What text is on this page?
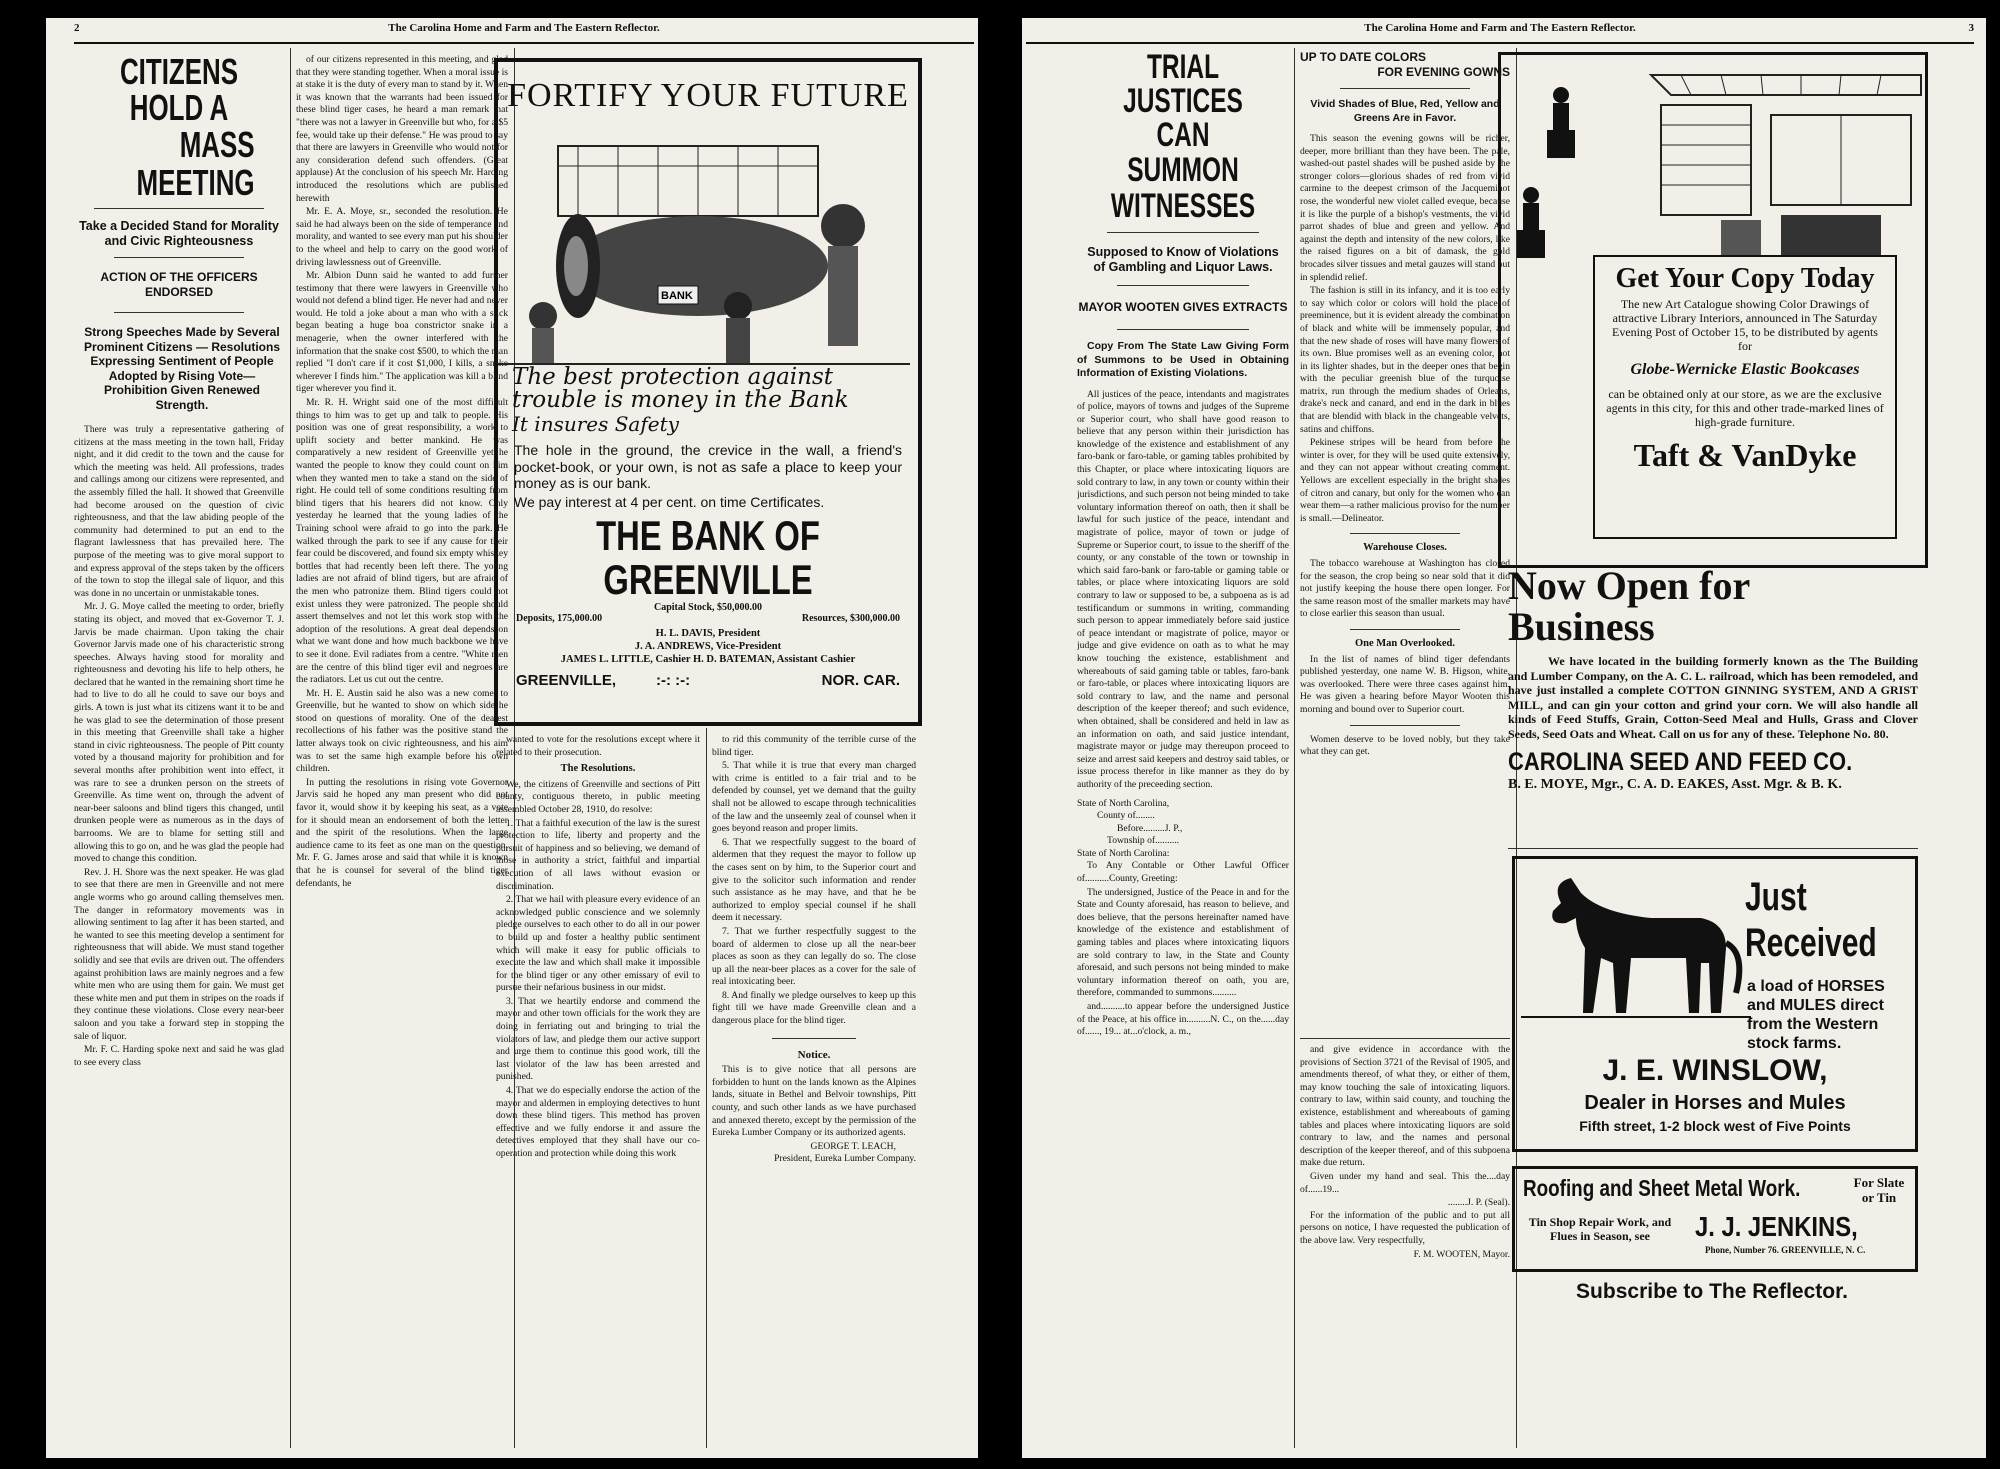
2	The Carolina Home and Farm and The Eastern Reflector.
CITIZENS HOLD A
MASS MEETING
Take a Decided Stand for Morality and Civic Righteousness
ACTION OF THE OFFICERS ENDORSED
Strong Speeches Made by Several Prominent Citizens — Resolutions Expressing Sentiment of People Adopted by Rising Vote—Prohibition Given Renewed Strength.

There was truly a representative gathering of citizens at the mass meeting in the town hall, Friday night, and it did credit to the town and the cause for which the meeting was held. All professions, trades and callings among our citizens were represented, and the assembly filled the hall. It showed that Greenville had become aroused on the question of civic righteousness, and that the law abiding people of the community had determined to put an end to the flagrant lawlessness that has prevailed here. The purpose of the meeting was to give moral support to and express approval of the steps taken by the officers of the town to stop the illegal sale of liquor, and this was done in no uncertain or unmistakable tones.

Mr. J. G. Moye called the meeting to order, briefly stating its object, and moved that ex-Governor T. J. Jarvis be made chairman. Upon taking the chair Governor Jarvis made one of his characteristic strong speeches. Always having stood for morality and righteousness and devoting his life to help others, he declared that he wanted in the remaining short time he had to live to do all he could to save our boys and girls. A town is just what its citizens want it to be and he was glad to see the determination of those present in this meeting that Greenville shall take a higher stand in civic righteousness. The people of Pitt county voted by a thousand majority for prohibition and for several months after prohibition went into effect, it was rare to see a drunken person on the streets of Greenville. As time went on, through the advent of near-beer saloons and blind tigers this changed, until drunken people were as numerous as in the days of barrooms. We are to blame for setting still and allowing this to go on, and he was glad the people had moved to change this condition.

Rev. J. H. Shore was the next speaker. He was glad to see that there are men in Greenville and not mere angle worms who go around calling themselves men. The danger in reformatory movements was in allowing sentiment to lag after it has been started, and he wanted to see this meeting develop a sentiment for righteousness that will abide. We must stand together solidly and see that evils are driven out. The offenders against prohibition laws are mainly negroes and a few white men who are using them for gain. We must get these white men and put them in stripes on the roads if they continue these violations. Close every near-beer saloon and you take a forward step in stopping the sale of liquor.

Mr. F. C. Harding spoke next and said he was glad to see every class

of our citizens represented in this meeting, and glad that they were standing together. When a moral issue is at stake it is the duty of every man to stand by it. When it was known that the warrants had been issued for these blind tiger cases, he heard a man remark that "there was not a lawyer in Greenville but who, for a $5 fee, would take up their defense." He was proud to say that there are lawyers in Greenville who would not for any consideration defend such offenders. (Great applause) At the conclusion of his speech Mr. Harding introduced the resolutions which are published herewith

Mr. E. A. Moye, sr., seconded the resolution. He said he had always been on the side of temperance and morality, and wanted to see every man put his shoulder to the wheel and help to carry on the good work of driving lawlessness out of Greenville.

Mr. Albion Dunn said he wanted to add further testimony that there were lawyers in Greenville who would not defend a blind tiger. He never had and never would. He told a joke about a man who with a stick began beating a huge boa constrictor snake in a menagerie, when the owner interfered with the information that the snake cost $500, to which the man replied "I don't care if it cost $1,000, I kills, a snake wherever I finds him." The application was kill a blind tiger wherever you find it.

Mr. R. H. Wright said one of the most difficult things to him was to get up and talk to people. His position was one of great responsibility, a work to uplift society and better mankind. He was comparatively a new resident of Greenville yet he wanted the people to know they could count on him when they wanted men to take a stand on the side of right. He could tell of some conditions resulting from blind tigers that his hearers did not know. Only yesterday he learned that the young ladies of the Training school were afraid to go into the park. He walked through the park to see if any cause for their fear could be discovered, and found six empty whiskey bottles that had recently been left there. The young ladies are not afraid of blind tigers, but are afraid of the men who patronize them. Blind tigers could not exist unless they were patronized. The people should assert themselves and not let this work stop with the adoption of the resolutions. A great deal depends on what we want done and how much backbone we have to see it done. Evil radiates from a centre. "White men are the centre of this blind tiger evil and negroes are the radiators. Let us cut out the centre.

Mr. H. E. Austin said he also was a new comer to Greenville, but he wanted to show on which side he stood on questions of morality. One of the dearest recollections of his father was the positive stand the latter always took on civic righteousness, and his aim was to set the same high example before his own children.

In putting the resolutions in rising vote Governor Jarvis said he hoped any man present who did not favor it, would show it by keeping his seat, as a vote for it should mean an endorsement of both the letter and the spirit of the resolutions. When the large audience came to its feet as one man on the question, Mr. F. G. James arose and said that while it is known that he is counsel for several of the blind tiger defendants, he

FORTIFY YOUR FUTURE
BANK
The best protection against
trouble is money in the Bank
It insures Safety
The hole in the ground, the crevice in the wall, a friend's pocket-book, or your own, is not as safe a place to keep your money as is our bank.
We pay interest at 4 per cent. on time Certificates.
THE BANK OF GREENVILLE
Capital Stock, $50,000.00
Deposits, 175,000.00	Resources, $300,000.00
H. L. DAVIS, President
J. A. ANDREWS, Vice-President
JAMES L. LITTLE, Cashier H. D. BATEMAN, Assistant Cashier
GREENVILLE,	:-: :-:	NOR. CAR.

wanted to vote for the resolutions except where it related to their prosecution.

The Resolutions.

We, the citizens of Greenville and sections of Pitt county, contiguous thereto, in public meeting assembled October 28, 1910, do resolve:

1. That a faithful execution of the law is the surest protection to life, liberty and property and the pursuit of happiness and so believing, we demand of those in authority a strict, faithful and impartial execution of all laws without evasion or discrimination.

2. That we hail with pleasure every evidence of an acknowledged public conscience and we solemnly pledge ourselves to each other to do all in our power to build up and foster a healthy public sentiment which will make it easy for public officials to execute the law and which shall make it impossible for the blind tiger or any other emissary of evil to pursue their nefarious business in our midst.

3. That we heartily endorse and commend the mayor and other town officials for the work they are doing in ferriating out and bringing to trial the violators of law, and pledge them our active support and urge them to continue this good work, till the last violator of the law has been arrested and punished.

4. That we do especially endorse the action of the mayor and aldermen in employing detectives to hunt down these blind tigers. This method has proven effective and we fully endorse it and assure the detectives employed that they shall have our co-operation and protection while doing this work

to rid this community of the terrible curse of the blind tiger.

5. That while it is true that every man charged with crime is entitled to a fair trial and to be defended by counsel, yet we demand that the guilty shall not be allowed to escape through technicalities of the law and the unseemly zeal of counsel when it goes beyond reason and proper limits.

6. That we respectfully suggest to the board of aldermen that they request the mayor to follow up the cases sent on by him, to the Superior court and give to the solicitor such information and render such assistance as he may have, and that he be authorized to employ special counsel if he shall deem it necessary.

7. That we further respectfully suggest to the board of aldermen to close up all the near-beer places as soon as they can legally do so. The close up all the near-beer places as a cover for the sale of real intoxicating beer.

8. And finally we pledge ourselves to keep up this fight till we have made Greenville clean and a dangerous place for the blind tiger.

Notice.

This is to give notice that all persons are forbidden to hunt on the lands known as the Alpines lands, situate in Bethel and Belvoir townships, Pitt county, and such other lands as we have purchased and annexed thereto, except by the permission of the Eureka Lumber Company or its authorized agents.

GEORGE T. LEACH,
President, Eureka Lumber Company.
The Carolina Home and Farm and The Eastern Reflector.	3
TRIAL JUSTICES CAN
SUMMON WITNESSES
Supposed to Know of Violations of Gambling and Liquor Laws.
MAYOR WOOTEN GIVES EXTRACTS
Copy From The State Law Giving Form of Summons to be Used in Obtaining Information of Existing Violations.

All justices of the peace, intendants and magistrates of police, mayors of towns and judges of the Supreme or Superior court, who shall have good reason to believe that any person within their jurisdiction has knowledge of the existence and establishment of any faro-bank or faro-table, or gaming tables prohibited by this Chapter, or place where intoxicating liquors are sold contrary to law, in any town or county within their jurisdictions, and such person not being minded to take voluntary information thereof on oath, then it shall be lawful for such justice of the peace, intendant and magistrate of police, mayor of town or judge of Supreme or Superior court, to issue to the sheriff of the county, or any constable of the town or township in which said faro-bank or faro-table or gaming table or tables, or place where intoxicating liquors are sold contrary to law or supposed to be, a subpoena as is ad testificandum or summons in writing, commanding such person to appear immediately before said justice of peace intendant or magistrate of police, mayor or judge and give evidence on oath as to what he may know touching the existence, establishment and whereabouts of said gaming table or tables, faro-bank or faro-table, or places where intoxicating liquors are sold contrary to law, and the name and personal description of the keeper thereof; and such evidence, when obtained, shall be considered and held in law as an information on oath, and said justice intendant, magistrate mayor or judge may thereupon proceed to seize and arrest said keepers and destroy said tables, or issue process therefor in like manner as they do by authority of the preceeding section.

State of North Carolina,
County of........
Before.........J. P.,
Township of..........
State of North Carolina:

To Any Contable or Other Lawful Officer of..........County, Greeting:

The undersigned, Justice of the Peace in and for the State and County aforesaid, has reason to believe, and does believe, that the persons hereinafter named have knowledge of the existence and establishment of gaming tables and places where intoxicating liquors are sold contrary to law, in the State and County aforesaid, and such persons not being minded to make voluntary information thereof on oath, you are, therefore, commanded to summons..........

and..........to appear before the undersigned Justice of the Peace, at his office in..........N. C., on the......day of......, 19... at...o'clock, a. m.,

UP TO DATE COLORS
FOR EVENING GOWNS
Vivid Shades of Blue, Red, Yellow and Greens Are in Favor.

This season the evening gowns will be richer, deeper, more brilliant than they have been. The pale, washed-out pastel shades will be pushed aside by the stronger colors—glorious shades of red from vivid carmine to the deepest crimson of the Jacqueminot rose, the wonderful new violet called eveque, because it is like the purple of a bishop's vestments, the vivid parrot shades of blue and green and yellow. And against the depth and intensity of the new colors, like the raised figures on a bit of damask, the gold brocades silver tissues and metal gauzes will stand out in splendid relief.

The fashion is still in its infancy, and it is too early to say which color or colors will hold the place of preeminence, but it is evident already the combination of black and white will be immensely popular, and that the new shade of roses will have many flowers of its own. Blue promises well as an evening color, not in its lighter shades, but in the deeper ones that begin with the peculiar greenish blue of the turquoise matrix, run through the medium shades of Orleans, drake's neck and canard, and end in the dark in blues that are blendid with black in the changeable velvets, satins and chiffons.

Pekinese stripes will be heard from before the winter is over, for they will be used quite extensively, and they can not appear without creating comment. Yellows are excellent especially in the bright shades of citron and canary, but only for the women who can wear them—a rather malicious proviso for the number is small.—Delineator.

Warehouse Closes.

The tobacco warehouse at Washington has closed for the season, the crop being so near sold that it did not justify keeping the house there open longer. For the same reason most of the smaller markets may have to close earlier this season than usual.

One Man Overlooked.

In the list of names of blind tiger defendants published yesterday, one name W. B. Higson, white, was overlooked. There were three cases against him. He was given a hearing before Mayor Wooten this morning and bound over to Superior court.

Women deserve to be loved nobly, but they take what they can get.

and give evidence in accordance with the provisions of Section 3721 of the Revisal of 1905, and amendments thereof, of what they, or either of them, may know touching the sale of intoxicating liquors. contrary to law, within said county, and touching the existence, establishment and whereabouts of gaming tables and places where intoxicating liquors are sold contrary to law, and the names and personal description of the keeper thereof, and of this subpoena make due return.

Given under my hand and seal. This the....day of......19...

........J. P. (Seal).

For the information of the public and to put all persons on notice, I have requested the publication of the above law. Very respectfully,

F. M. WOOTEN, Mayor.
Get Your Copy Today
The new Art Catalogue showing Color Drawings of attractive Library Interiors, announced in The Saturday Evening Post of October 15, to be distributed by agents for
Globe-Wernicke Elastic Bookcases
can be obtained only at our store, as we are the exclusive agents in this city, for this and other trade-marked lines of high-grade furniture.
Taft & VanDyke
Now Open for
Business
We have located in the building formerly known as the The Building and Lumber Company, on the A. C. L. railroad, which has been remodeled, and have just installed a complete COTTON GINNING SYSTEM, AND A GRIST MILL, and can gin your cotton and grind your corn. We will also handle all kinds of Feed Stuffs, Grain, Cotton-Seed Meal and Hulls, Grass and Clover Seeds, Seed Oats and Wheat. Call on us for any of these. Telephone No. 80.
CAROLINA SEED AND FEED CO.
B. E. MOYE, Mgr., C. A. D. EAKES, Asst. Mgr. & B. K.
Just
Received
a load of HORSES and MULES direct from the Western stock farms.
J. E. WINSLOW,
Dealer in Horses and Mules
Fifth street, 1-2 block west of Five Points
Roofing and Sheet Metal Work.	For Slate or Tin
Tin Shop Repair Work, and Flues in Season, see	J. J. JENKINS,
Phone, Number 76. GREENVILLE, N. C.
Subscribe to The Reflector.
